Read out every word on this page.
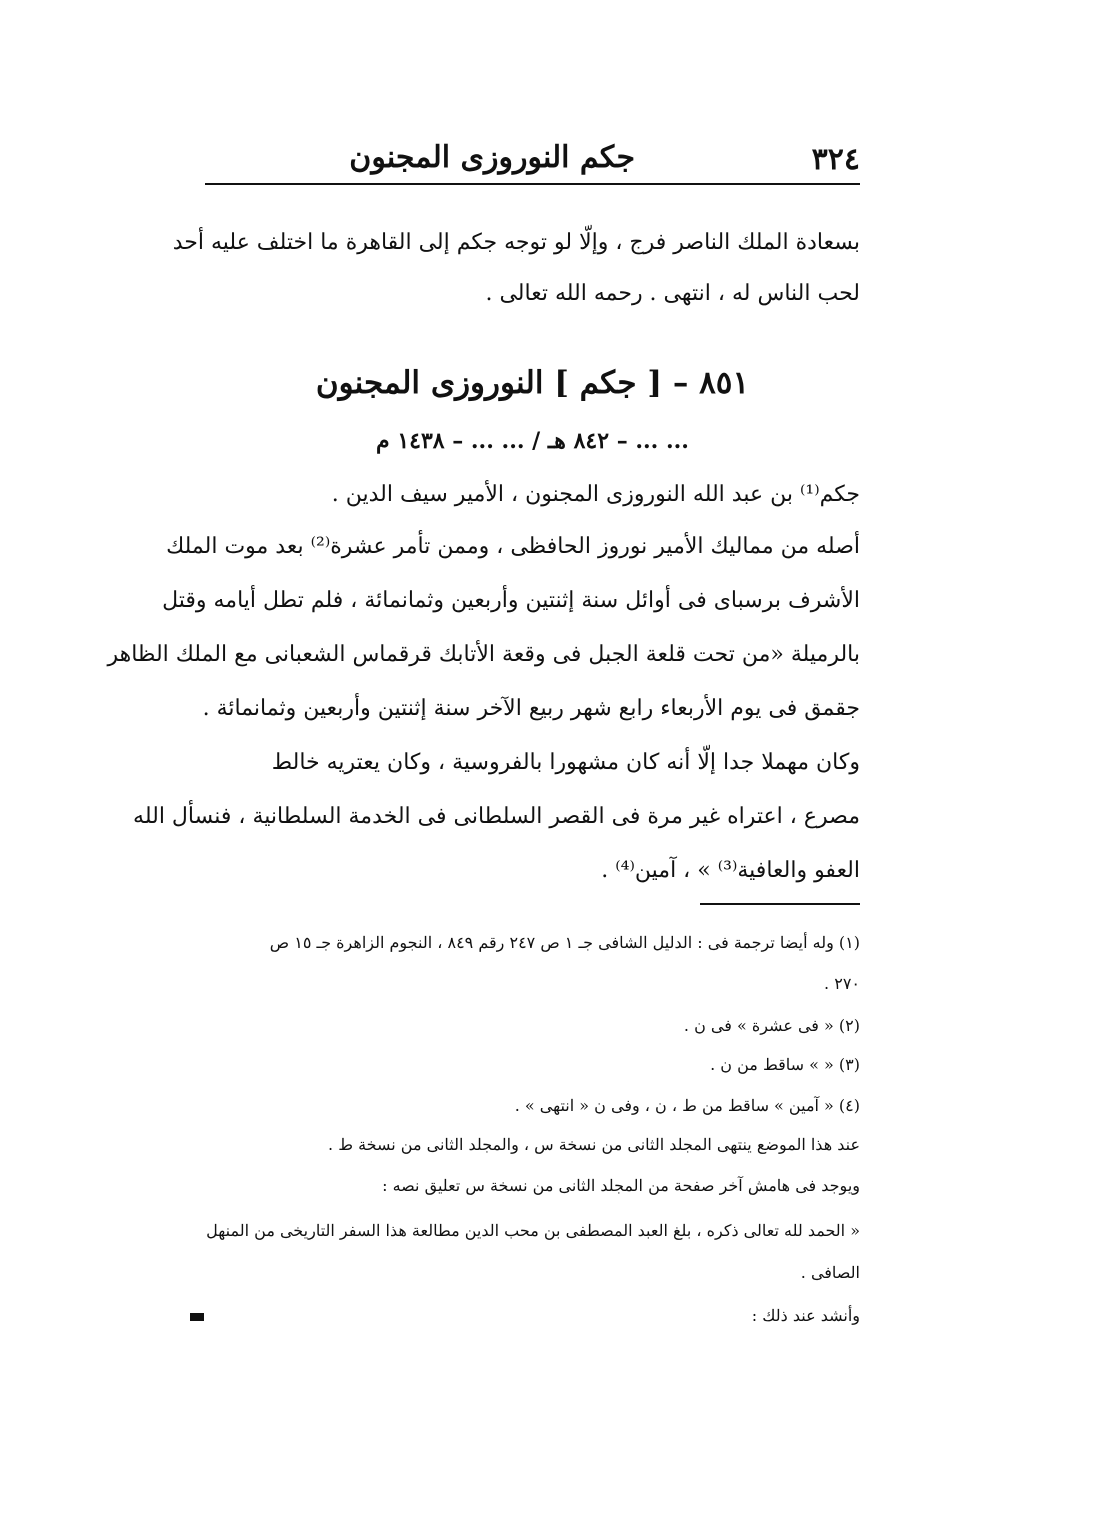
٣٢٤
جكم النوروزى المجنون
بسعادة الملك الناصر فرج ، وإلّا لو توجه جكم إلى القاهرة ما اختلف عليه أحد
لحب الناس له ، انتهى . رحمه الله تعالى .
٨٥١ – [ جكم ] النوروزى المجنون
... ... – ٨٤٢ هـ / ... ... – ١٤٣٨ م
جكم⁽¹⁾ بن عبد الله النوروزى المجنون ، الأمير سيف الدين .
أصله من مماليك الأمير نوروز الحافظى ، وممن تأمر عشرة⁽²⁾ بعد موت الملك
الأشرف برسباى فى أوائل سنة إثنتين وأربعين وثمانمائة ، فلم تطل أيامه وقتل
بالرميلة «من تحت قلعة الجبل فى وقعة الأتابك قرقماس الشعبانى مع الملك الظاهر
جقمق فى يوم الأربعاء رابع شهر ربيع الآخر سنة إثنتين وأربعين وثمانمائة .
وكان مهملا جدا إلّا أنه كان مشهورا بالفروسية ، وكان يعتريه خالط
مصرع ، اعتراه غير مرة فى القصر السلطانى فى الخدمة السلطانية ، فنسأل الله
العفو والعافية⁽³⁾ » ، آمين⁽⁴⁾ .
(١) وله أيضا ترجمة فى : الدليل الشافى جـ ١ ص ٢٤٧ رقم ٨٤٩ ، النجوم الزاهرة جـ ١٥ ص
٢٧٠ .
(٢) « فى عشرة » فى ن .
(٣) « » ساقط من ن .
(٤) « آمين » ساقط من ط ، ن ، وفى ن « انتهى » .
عند هذا الموضع ينتهى المجلد الثانى من نسخة س ، والمجلد الثانى من نسخة ط .
ويوجد فى هامش آخر صفحة من المجلد الثانى من نسخة س تعليق نصه :
« الحمد لله تعالى ذكره ، بلغ العبد المصطفى بن محب الدين مطالعة هذا السفر التاريخى من المنهل
الصافى .
وأنشد عند ذلك :
